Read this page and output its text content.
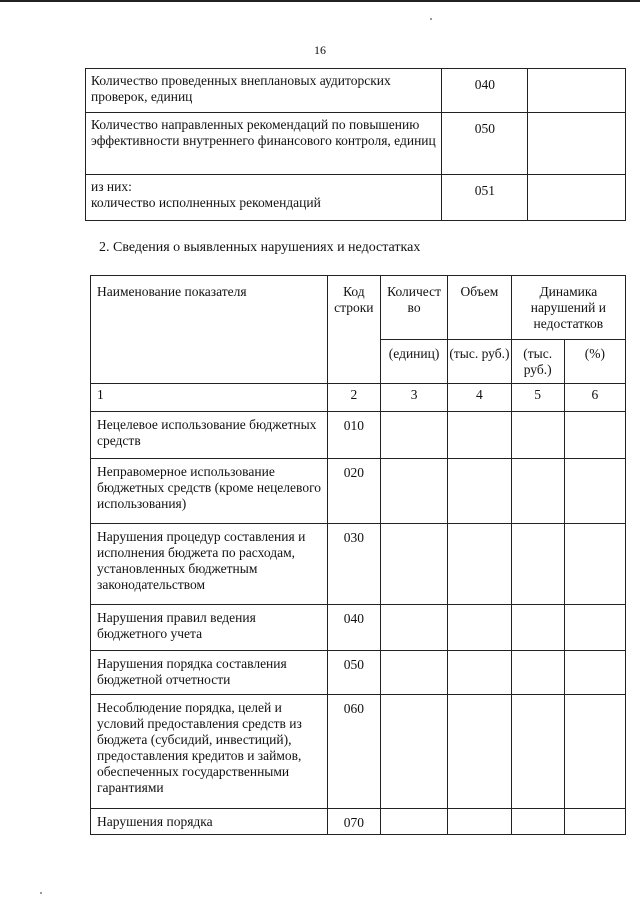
16
Количество проведенных внеплановых аудиторских проверок, единиц	040	
Количество направленных рекомендаций по повышению эффективности внутреннего финансового контроля, единиц	050	

из них:
количество исполненных рекомендаций	051	
2. Сведения о выявленных нарушениях и недостатках
Наименование показателя	Код строки	Количест во	Объем	Динамика нарушений и недостатков	
		(единиц)	(тыс. руб.)	(тыс. руб.)	(%)
1	2	3	4	5	6
Нецелевое использование бюджетных средств	010				
Неправомерное использование бюджетных средств (кроме нецелевого использования)	020				
Нарушения процедур составления и исполнения бюджета по расходам, установленных бюджетным законодательством	030				
Нарушения правил ведения бюджетного учета	040				
Нарушения порядка составления бюджетной отчетности	050				
Несоблюдение порядка, целей и условий предоставления средств из бюджета (субсидий, инвестиций), предоставления кредитов и займов, обеспеченных государственными гарантиями	060				
Нарушения порядка	070				
